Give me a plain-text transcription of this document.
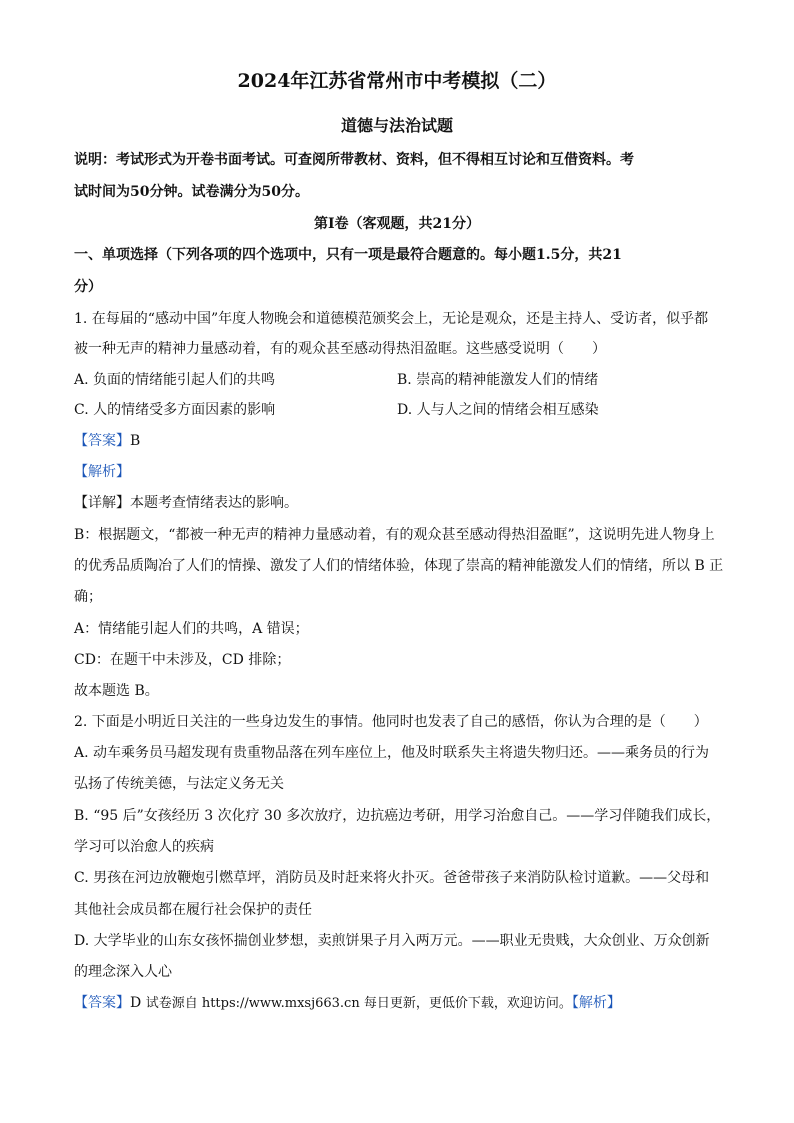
2024年江苏省常州市中考模拟（二）
道德与法治试题
说明：考试形式为开卷书面考试。可查阅所带教材、资料，但不得相互讨论和互借资料。考
试时间为50分钟。试卷满分为50分。
第Ⅰ卷（客观题，共21分）
一、单项选择（下列各项的四个选项中，只有一项是最符合题意的。每小题1.5分，共21
分）
1. 在每届的“感动中国”年度人物晚会和道德模范颁奖会上，无论是观众，还是主持人、受访者，似乎都
被一种无声的精神力量感动着，有的观众甚至感动得热泪盈眶。这些感受说明（　　）
A. 负面的情绪能引起人们的共鸣	B. 崇高的精神能激发人们的情绪
C. 人的情绪受多方面因素的影响	D. 人与人之间的情绪会相互感染
【答案】B
【解析】
【详解】本题考查情绪表达的影响。
B：根据题文，“都被一种无声的精神力量感动着，有的观众甚至感动得热泪盈眶”，这说明先进人物身上
的优秀品质陶冶了人们的情操、激发了人们的情绪体验，体现了崇高的精神能激发人们的情绪，所以 B 正
确；
A：情绪能引起人们的共鸣，A 错误；
CD：在题干中未涉及，CD 排除；
故本题选 B。
2. 下面是小明近日关注的一些身边发生的事情。他同时也发表了自己的感悟，你认为合理的是（　　）
A. 动车乘务员马超发现有贵重物品落在列车座位上，他及时联系失主将遗失物归还。——乘务员的行为
弘扬了传统美德，与法定义务无关
B. “95 后”女孩经历 3 次化疗 30 多次放疗，边抗癌边考研，用学习治愈自己。——学习伴随我们成长，
学习可以治愈人的疾病
C. 男孩在河边放鞭炮引燃草坪，消防员及时赶来将火扑灭。爸爸带孩子来消防队检讨道歉。——父母和
其他社会成员都在履行社会保护的责任
D. 大学毕业的山东女孩怀揣创业梦想，卖煎饼果子月入两万元。——职业无贵贱，大众创业、万众创新
的理念深入人心
【答案】D 试卷源自 https://www.mxsj663.cn 每日更新，更低价下载，欢迎访问。【解析】
